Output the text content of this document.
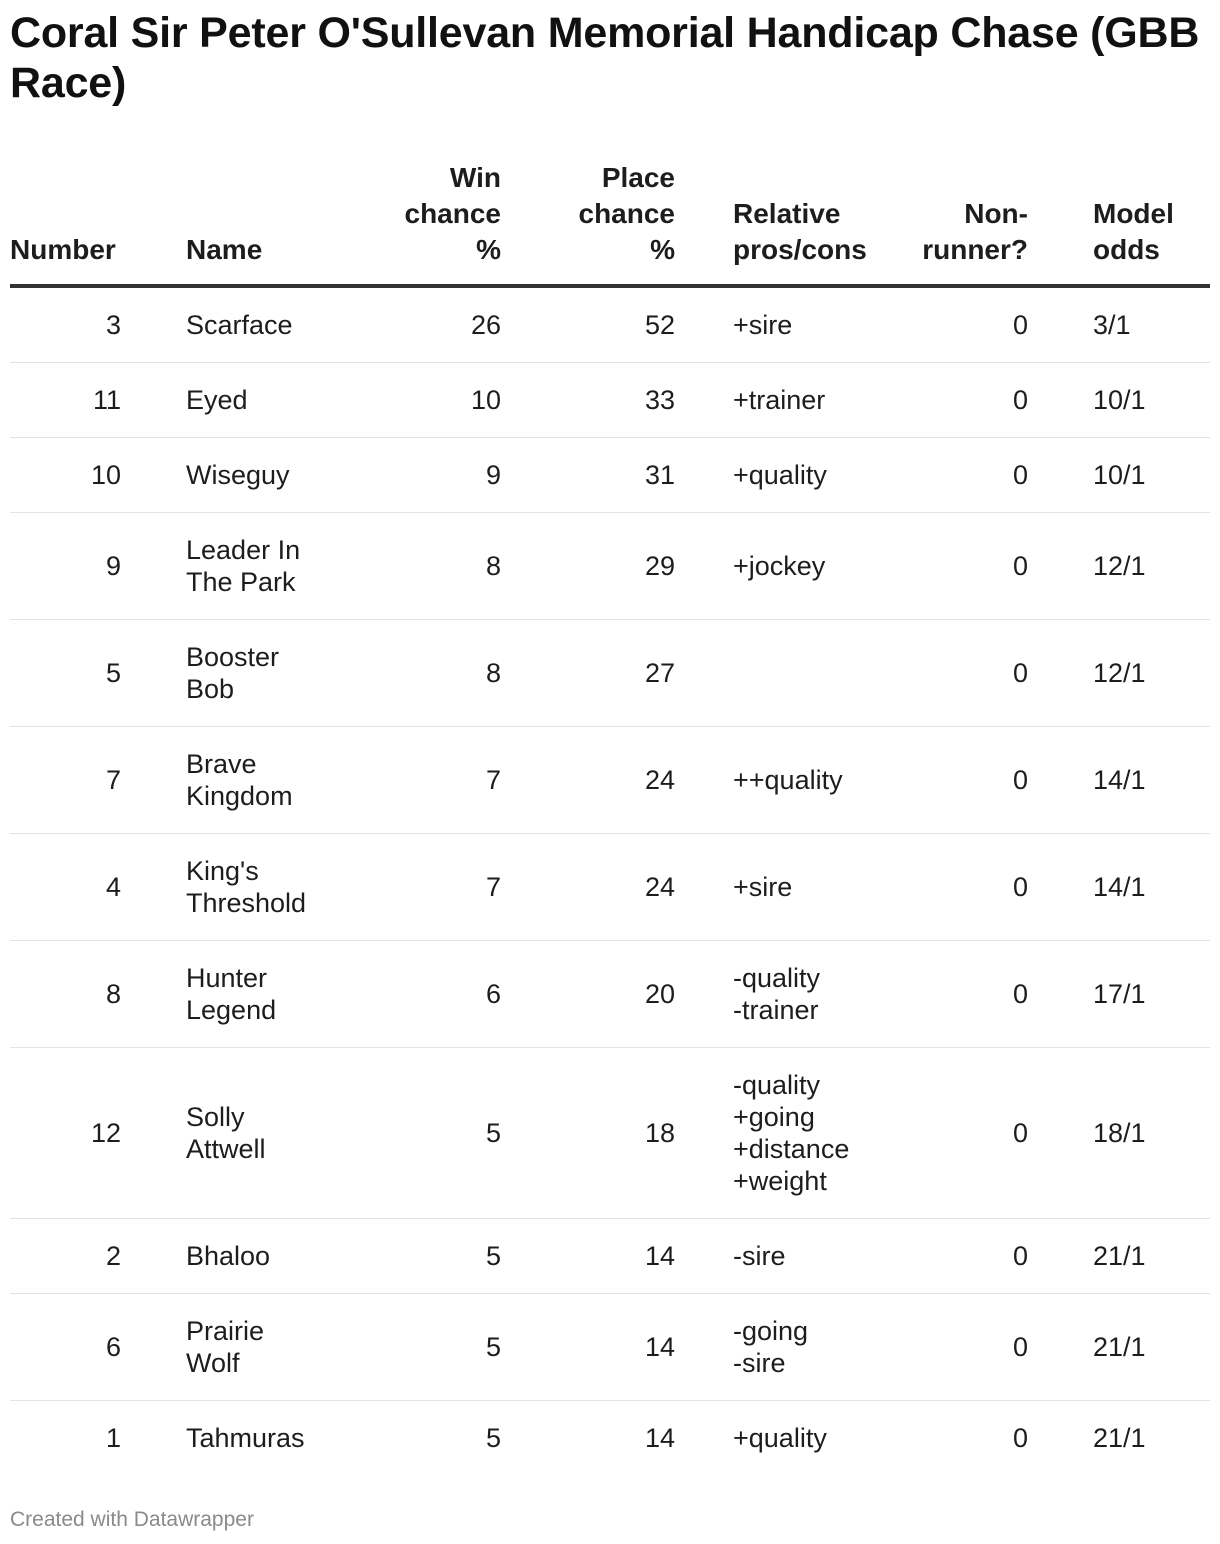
Coral Sir Peter O'Sullevan Memorial Handicap Chase (GBB Race)
Number	Name	Win
chance
%	Place
chance
%	Relative
pros/cons	Non-
runner?	Model
odds

3	Scarface	26	52	+sire	0	3/1
11	Eyed	10	33	+trainer	0	10/1
10	Wiseguy	9	31	+quality	0	10/1
9	Leader In
The Park	8	29	+jockey	0	12/1
5	Booster
Bob	8	27		0	12/1
7	Brave
Kingdom	7	24	++quality	0	14/1
4	King's
Threshold	7	24	+sire	0	14/1
8	Hunter
Legend	6	20	-quality
-trainer	0	17/1
12	Solly
Attwell	5	18	-quality
+going
+distance
+weight	0	18/1
2	Bhaloo	5	14	-sire	0	21/1
6	Prairie
Wolf	5	14	-going
-sire	0	21/1
1	Tahmuras	5	14	+quality	0	21/1
Created with Datawrapper
